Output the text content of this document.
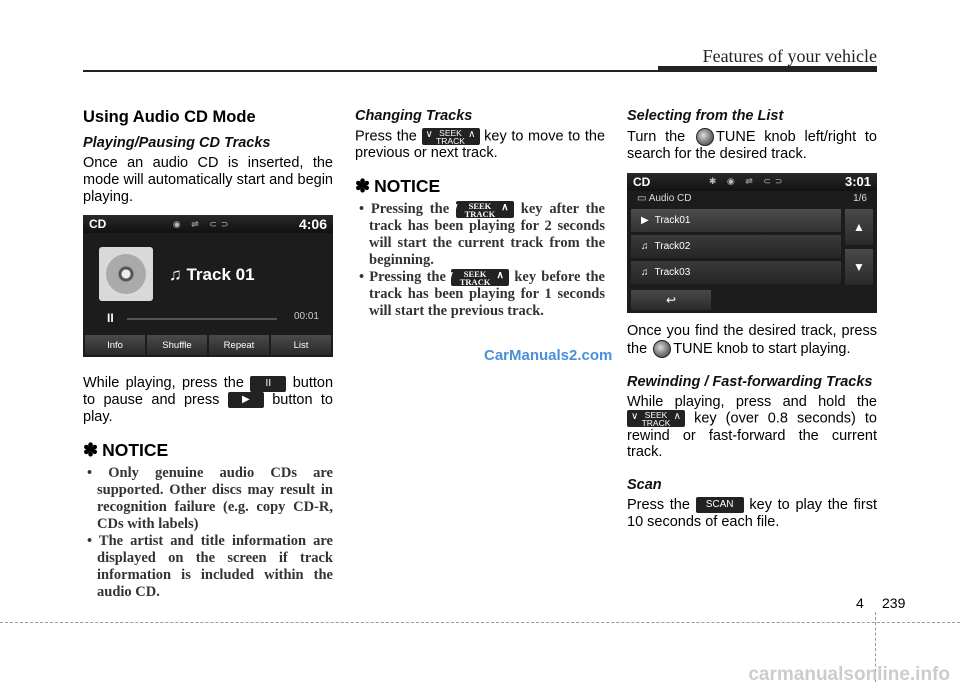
Features of your vehicle
Using Audio CD Mode
Playing/Pausing CD Tracks
Once an audio CD is inserted, the mode will automatically start and begin playing.
CD	◉ ⇌ ⊂⊃	4:06
♫ Track 01
II	00:01
Info	Shuffle	Repeat	List
While playing, press the II button to pause and press ▶ button to play.
✽ NOTICE
• Only genuine audio CDs are supported. Other discs may result in recognition failure (e.g. copy CD-R, CDs with labels)
• The artist and title information are displayed on the screen if track information is included within the audio CD.
Changing Tracks
Press the ∨ SEEK
TRACK
∧ key to move to the previous or next track.
✽ NOTICE
• Pressing the ∨ SEEK
TRACK
∧ key after the track has been playing for 2 seconds will start the current track from the beginning.
• Pressing the ∨ SEEK
TRACK
∧ key before the track has been playing for 1 seconds will start the previous track.
Selecting from the List
Turn the TUNE knob left/right to search for the desired track.
CD	✱ ◉ ⇌ ⊂⊃	3:01
▭ Audio CD	1/6
▶ Track01
♫ Track02
♫ Track03
▲
▼
↩
Once you find the desired track, press the TUNE knob to start playing.
Rewinding / Fast-forwarding Tracks
While playing, press and hold the
∨ SEEK
TRACK
∧ key (over 0.8 seconds) to rewind or fast-forward the current track.
Scan
Press the SCAN key to play the first 10 seconds of each file.
CarManuals2.com
4 239
carmanualsonline.info
